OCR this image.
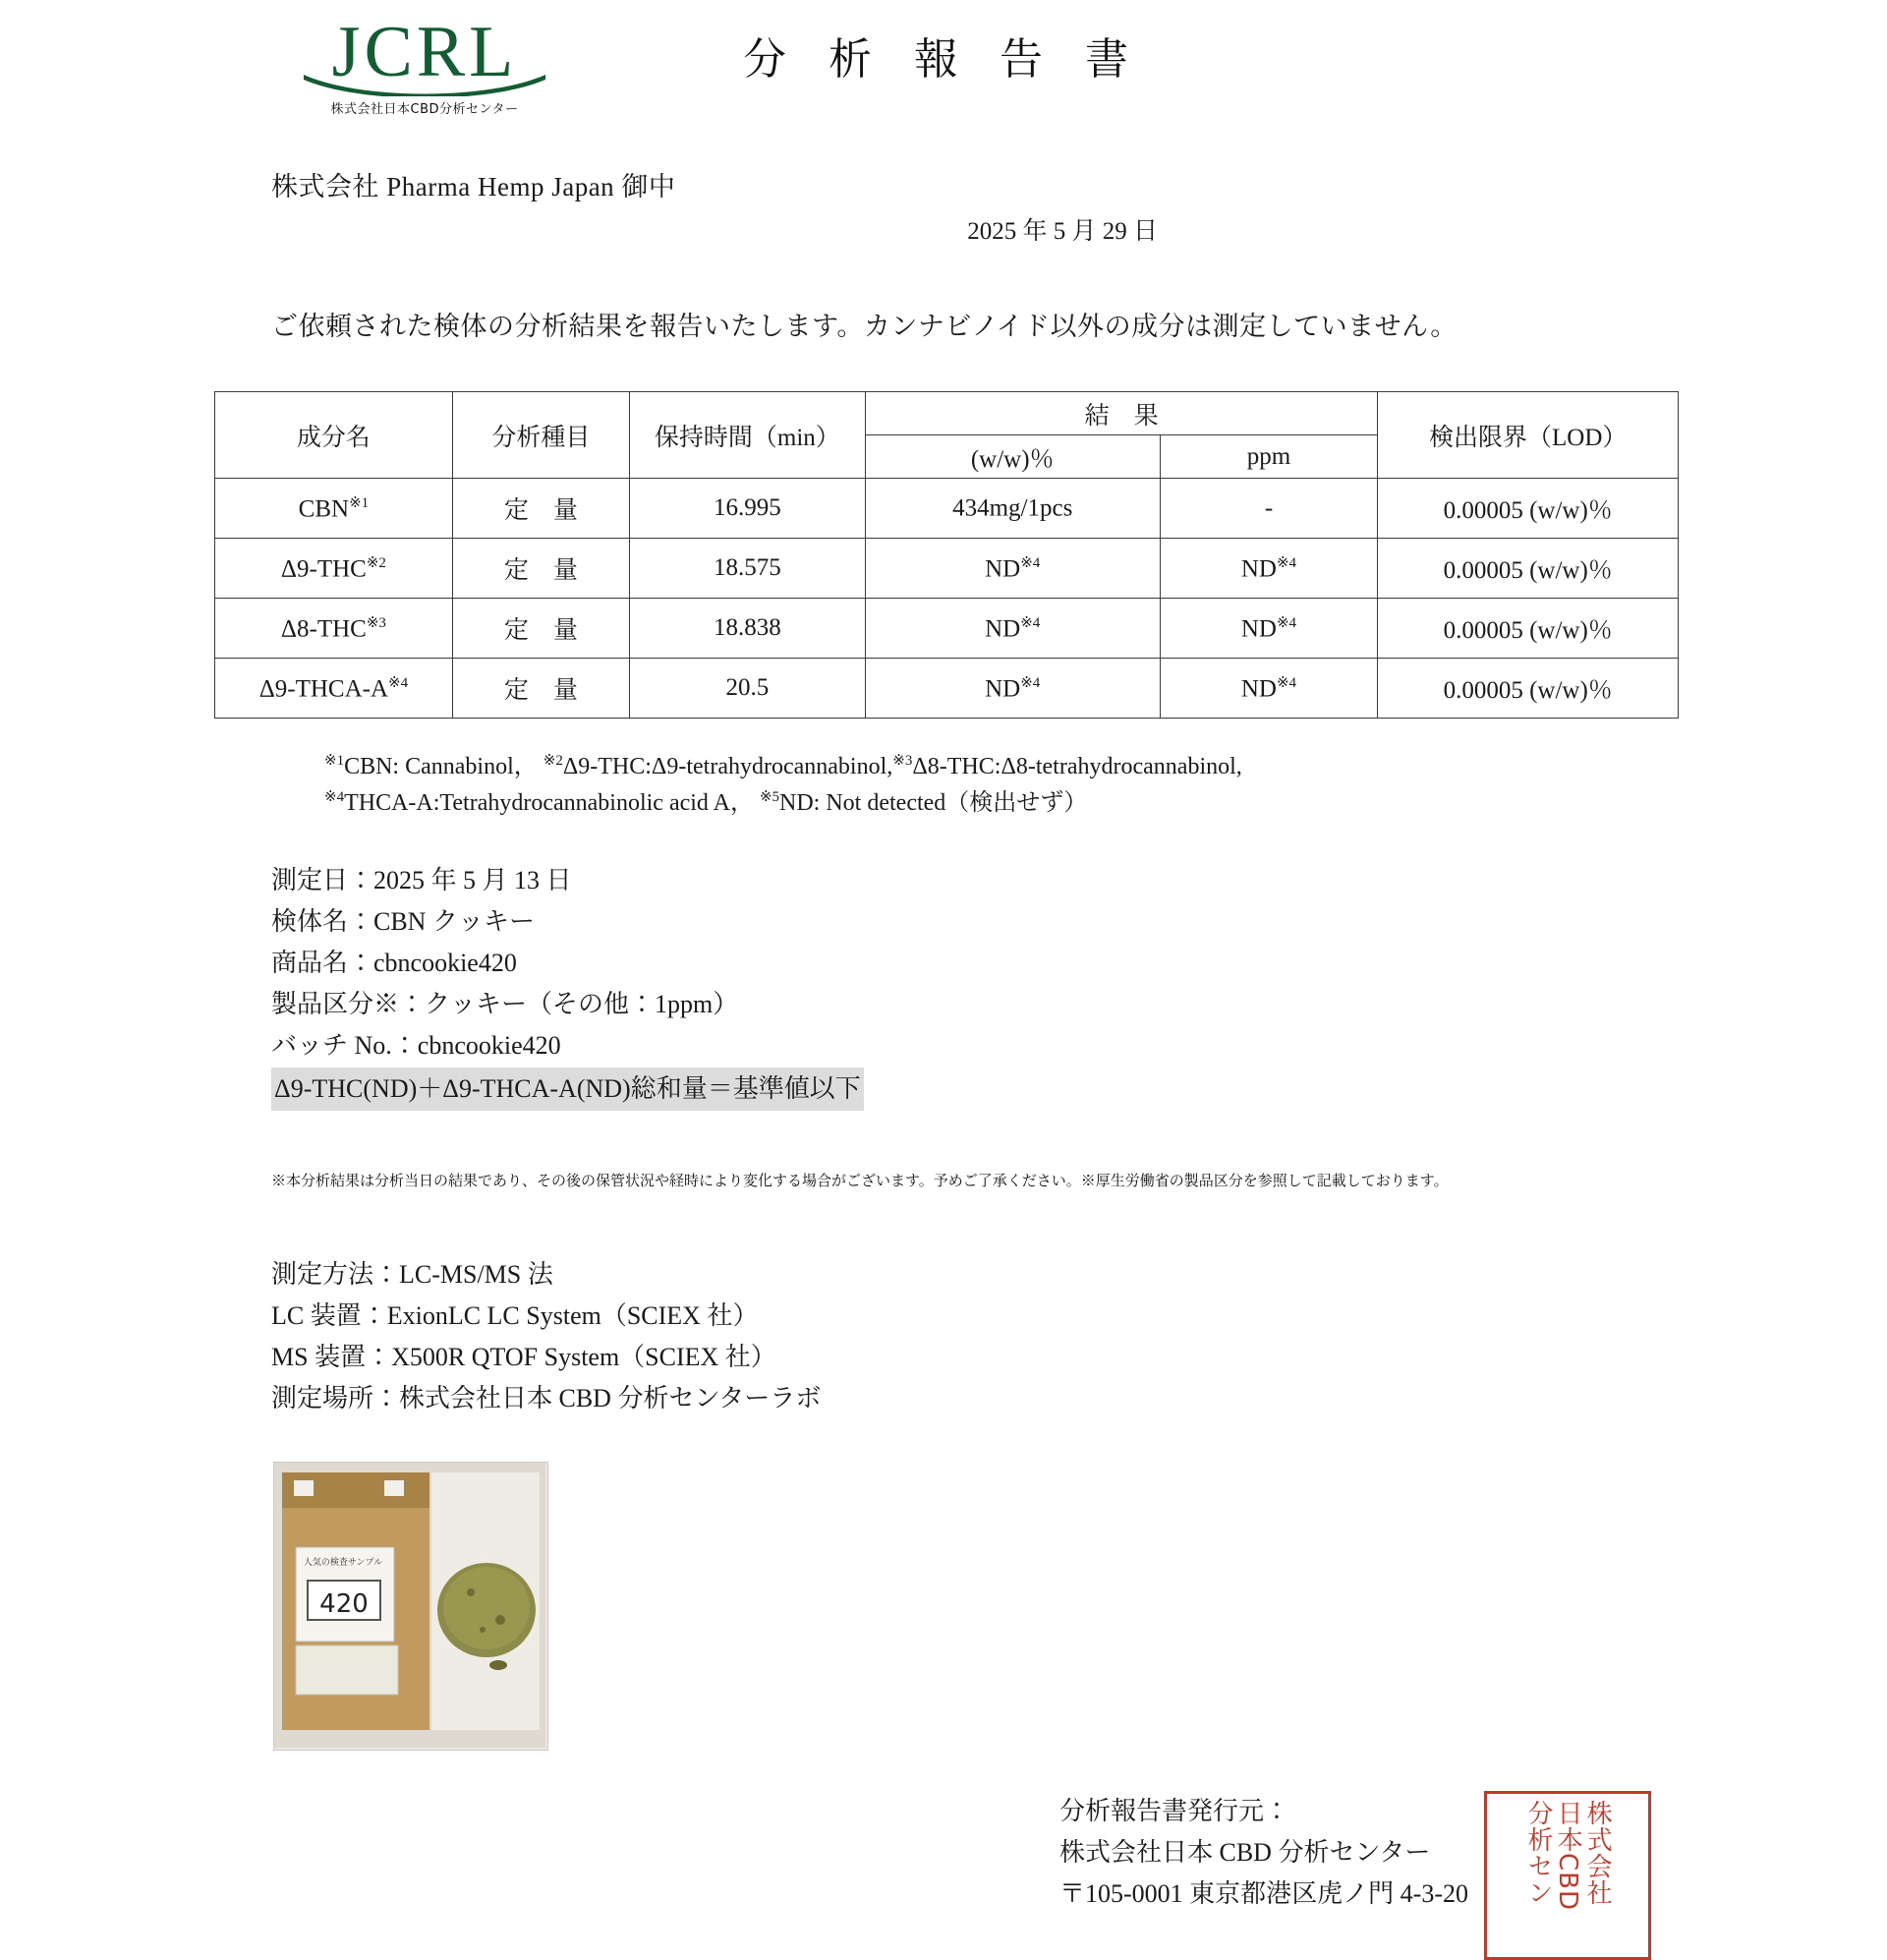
JCRL
株式会社日本CBD分析センター
分 析 報 告 書
株式会社 Pharma Hemp Japan 御中
2025 年 5 月 29 日
ご依頼された検体の分析結果を報告いたします。カンナビノイド以外の成分は測定していません。
成分名	分析種目	保持時間（min）	結　果		検出限界（LOD）
			(w/w)％	ppm	
CBN$^{※1}$	定　量	16.995	434mg/1pcs	-	0.00005 (w/w)％
Δ9-THC$^{※2}$	定　量	18.575	ND$^{※4}$	ND$^{※4}$	0.00005 (w/w)％
Δ8-THC$^{※3}$	定　量	18.838	ND$^{※4}$	ND$^{※4}$	0.00005 (w/w)％
$\Delta 9-THCA-A^{※4}$	定　量	20.5	ND$^{※4}$	ND$^{※4}$	0.00005 (w/w)％
$^{※1}$CBN: Cannabinol， $^{※2}$Δ9-THC:Δ9-tetrahydrocannabinol,$^{※3}$Δ8-THC:Δ8-tetrahydrocannabinol,
$^{※4}$THCA-A:Tetrahydrocannabinolic acid A， $^{※5}$ND: Not detected（検出せず）
測定日：2025 年 5 月 13 日
検体名：CBN クッキー
商品名：cbncookie420
製品区分※：クッキー（その他：1ppm）
バッチ No.：cbncookie420
Δ9-THC(ND)＋Δ9-THCA-A(ND)総和量＝基準値以下
※本分析結果は分析当日の結果であり、その後の保管状況や経時により変化する場合がございます。予めご了承ください。※厚生労働省の製品区分を参照して記載しております。
測定方法：LC-MS/MS 法
LC 装置：ExionLC LC System（SCIEX 社）
MS 装置：X500R QTOF System（SCIEX 社）
測定場所：株式会社日本 CBD 分析センターラボ
420
人気の検査サンプル
分析報告書発行元：
株式会社日本 CBD 分析センター
〒105-0001 東京都港区虎ノ門 4-3-20	株式会社
日本CBD
分析セン
